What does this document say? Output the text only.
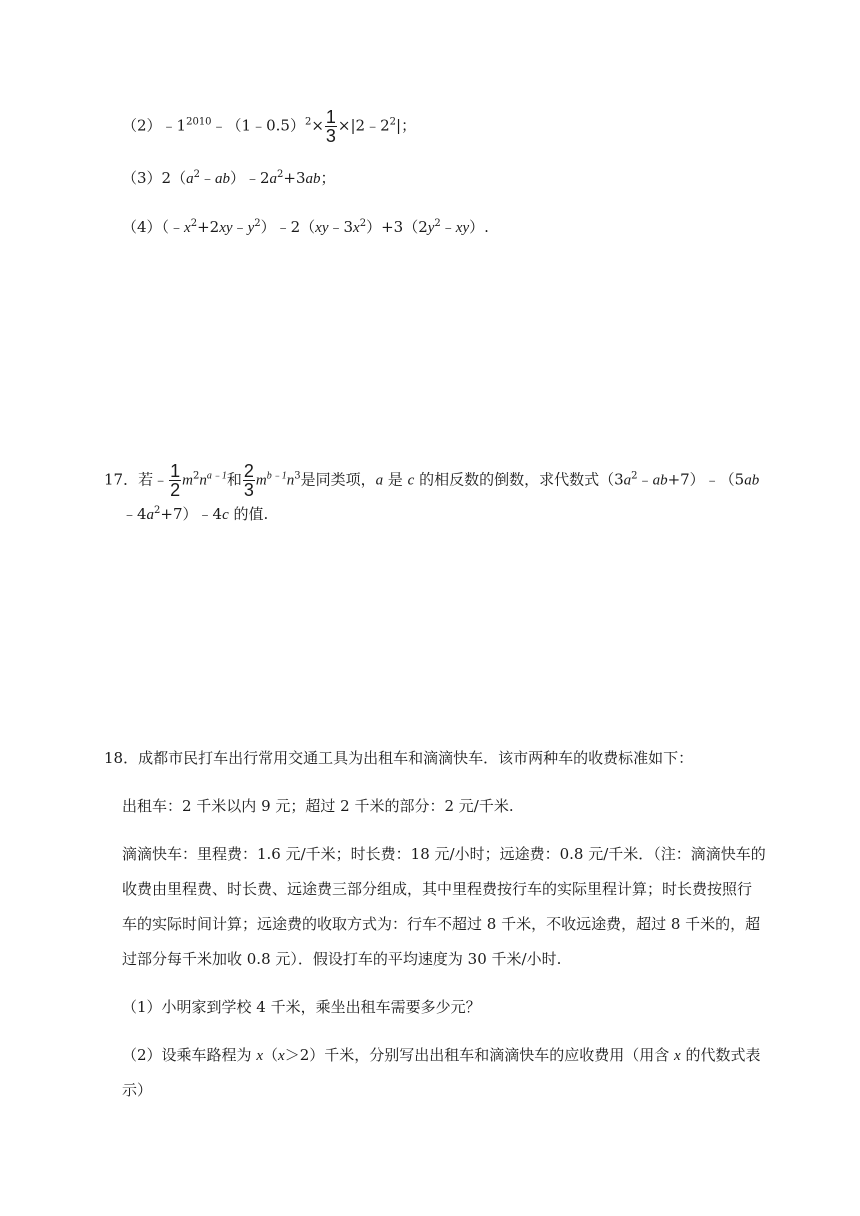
$(2)﹣1^{2010}﹣(1﹣0.5)^2\times \frac{1}{3}$ $\times|2﹣2^2|$；
$(3)2(a^2﹣ab)﹣2a^2+3ab$；
$(4)(﹣x^2+2xy﹣y^2)﹣2(xy﹣3x^2)+3(2y^2﹣xy)$.
17．若﹣ $\frac{1}{2} m^2n^{a﹣1}$和 $\frac{2}{3} m^{b﹣1}n^3$是同类项，a 是 c 的相反数的倒数，求代数式$(3a^2﹣ab+7)﹣(5ab$
$﹣4a^2+7)﹣4c$ 的值.
18．成都市民打车出行常用交通工具为出租车和滴滴快车．该市两种车的收费标准如下：
出租车：2 千米以内 9 元；超过 2 千米的部分：2 元/千米.
滴滴快车：里程费：1.6 元/千米；时长费：18 元/小时；远途费：0.8 元/千米．（注：滴滴快车的
收费由里程费、时长费、远途费三部分组成，其中里程费按行车的实际里程计算；时长费按照行
车的实际时间计算；远途费的收取方式为：行车不超过 8 千米，不收远途费，超过 8 千米的，超
过部分每千米加收 0.8 元）．假设打车的平均速度为 30 千米/小时.
（1）小明家到学校 4 千米，乘坐出租车需要多少元？
（2）设乘车路程为 x（x＞2）千米，分别写出出租车和滴滴快车的应收费用（用含 x 的代数式表
示）
